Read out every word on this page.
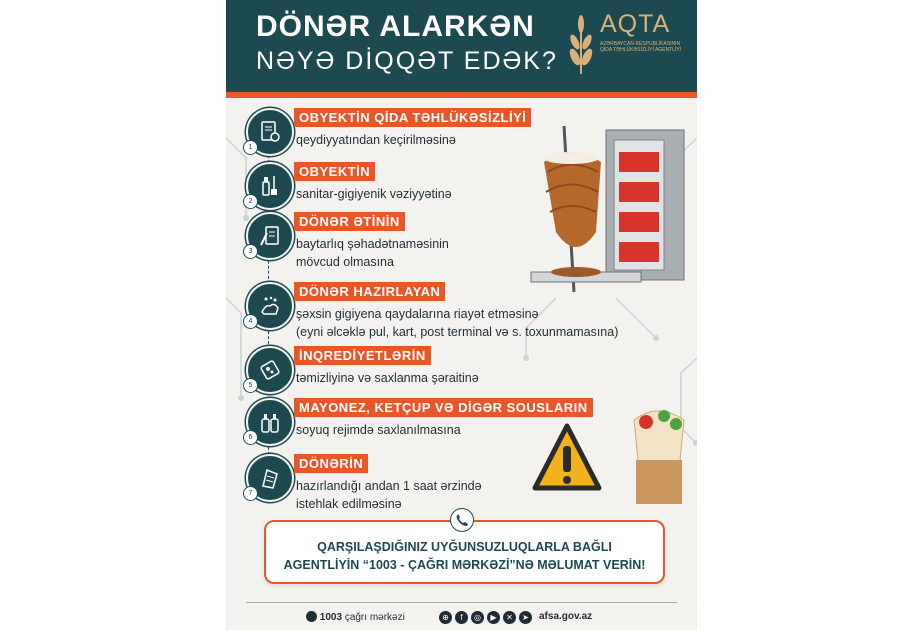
DÖNƏR ALARKƏN
NƏYƏ DİQQƏT EDƏK?
AQTA
AZƏRBAYCAN RESPUBLİKASININ QİDA TƏHLÜKƏSİZLİYİ AGENTLİYİ
1
OBYEKTİN QİDA TƏHLÜKƏSİZLİYİ
qeydiyyatından keçirilməsinə
2
OBYEKTİN
sanitar-gigiyenik vəziyyətinə
3
DÖNƏR ƏTİNİN
baytarlıq şəhadətnaməsinin
mövcud olmasına
4
DÖNƏR HAZIRLAYAN
şəxsin gigiyena qaydalarına riayət etməsinə
(eyni əlcəklə pul, kart, post terminal və s. toxunmamasına)
5
İNQREDİYETLƏRİN
təmizliyinə və saxlanma şəraitinə
6
MAYONEZ, KETÇUP VƏ DİGƏR SOUSLARIN
soyuq rejimdə saxlanılmasına
7
DÖNƏRİN
hazırlandığı andan 1 saat ərzində
istehlak edilməsinə
QARŞILAŞDIĞINIZ UYĞUNSUZLUQLARLA BAĞLI
AGENTLİYİN “1003 - ÇAĞRI MƏRKƏZİ”NƏ MƏLUMAT VERİN!
1003 çağrı mərkəzi	⊕	f	◎	▶	✕	➤	afsa.gov.az
